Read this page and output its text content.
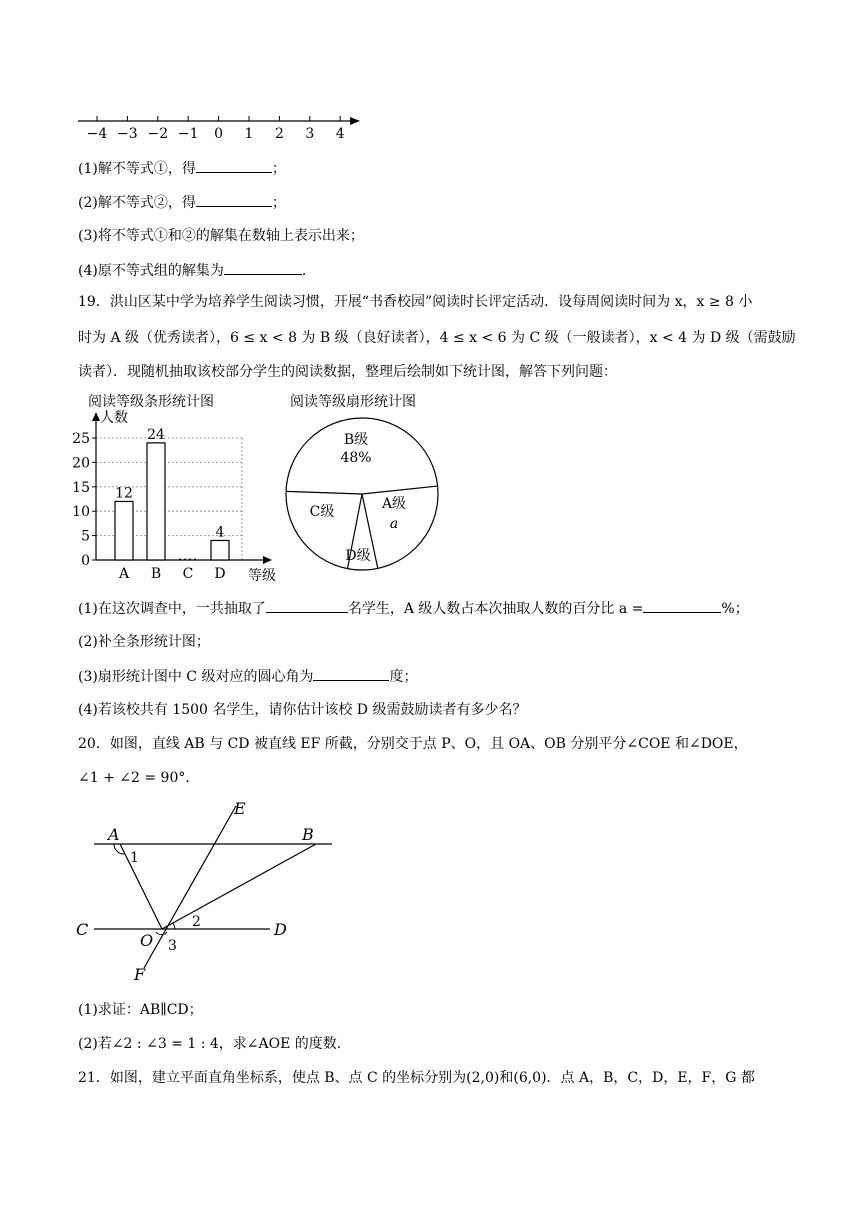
−4 −3 −2 −1 0 1 2 3 4
(1)解不等式①，得	；
(2)解不等式②，得	；
(3)将不等式①和②的解集在数轴上表示出来；
(4)原不等式组的解集为	.
19．洪山区某中学为培养学生阅读习惯，开展“书香校园”阅读时长评定活动．设每周阅读时间为 x，x ≥ 8 小
时为 A 级（优秀读者），6 ≤ x < 8 为 B 级（良好读者），4 ≤ x < 6 为 C 级（一般读者），x < 4 为 D 级（需鼓励
读者）．现随机抽取该校部分学生的阅读数据，整理后绘制如下统计图，解答下列问题：
阅读等级条形统计图
人数
等级
0
5
10
15
20
25
12
A
24
B C
4
D
阅读等级扇形统计图
B级
48%
A级
a
D级
C级
(1)在这次调查中，一共抽取了	名学生，A 级人数占本次抽取人数的百分比 a =	%；
(2)补全条形统计图；
(3)扇形统计图中 C 级对应的圆心角为	度；
(4)若该校共有 1500 名学生，请你估计该校 D 级需鼓励读者有多少名？
20．如图，直线 AB 与 CD 被直线 EF 所截，分别交于点 P、O，且 OA、OB 分别平分∠COE 和∠DOE，
∠1 + ∠2 = 90°．
A	B
C	D
E
F
O
1
2
3
(1)求证：AB∥CD；
(2)若∠2 : ∠3 = 1 : 4，求∠AOE 的度数.
21．如图，建立平面直角坐标系，使点 B、点 C 的坐标分别为(2,0)和(6,0)．点 A，B，C，D，E，F，G 都
